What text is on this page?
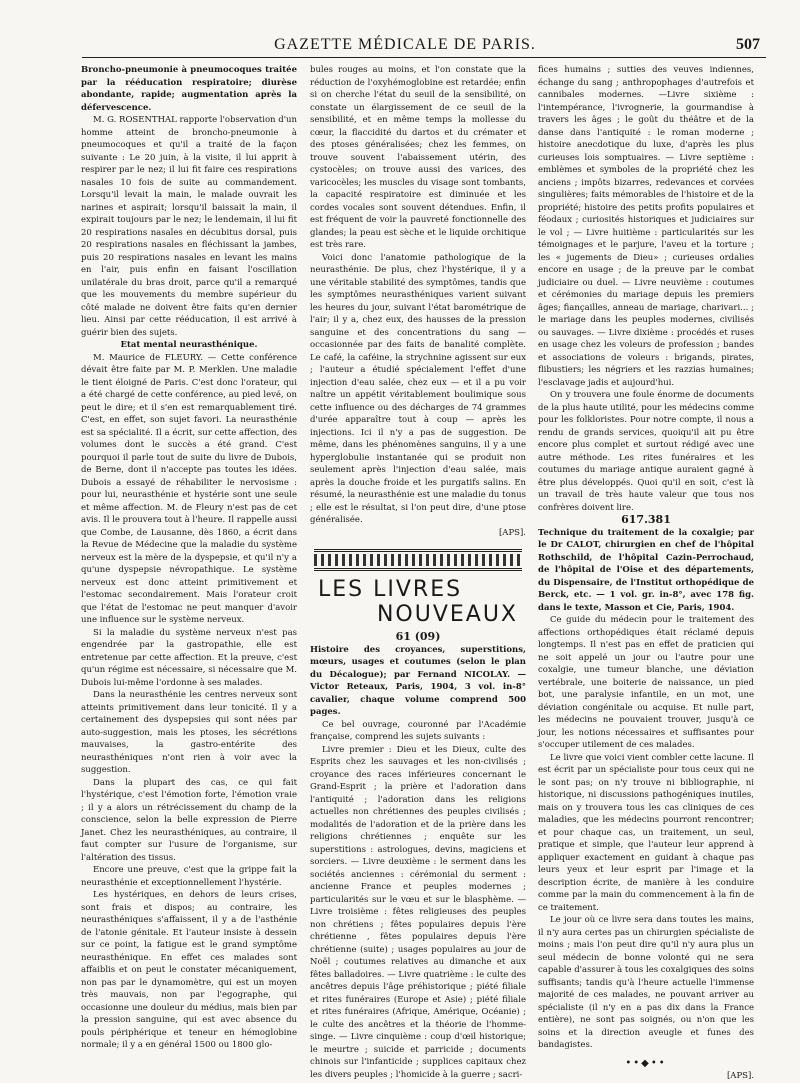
GAZETTE MÉDICALE DE PARIS.	507

Broncho-pneumonie à pneumocoques traitée par la rééducation respiratoire; diurèse abondante, rapide; augmentation après la défervescence.

M. G. ROSENTHAL rapporte l'observation d'un homme atteint de broncho-pneumonie à pneumocoques et qu'il a traité de la façon suivante : Le 20 juin, à la visite, il lui apprit à respirer par le nez; il lui fit faire ces respirations nasales 10 fois de suite au commandement. Lorsqu'il levait la main, le malade ouvrait les narines et aspirait; lorsqu'il baissait la main, il expirait toujours par le nez; le lendemain, il lui fit 20 respirations nasales en décubitus dorsal, puis 20 respirations nasales en fléchissant la jambes, puis 20 respirations nasales en levant les mains en l'air, puis enfin en faisant l'oscillation unilatérale du bras droit, parce qu'il a remarqué que les mouvements du membre supérieur du côté malade ne doivent être faits qu'en dernier lieu. Ainsi par cette rééducation, il est arrivé à guérir bien des sujets.

Etat mental neurasthénique.

M. Maurice de FLEURY. — Cette conférence dévait être faite par M. P. Merklen. Une maladie le tient éloigné de Paris. C'est donc l'orateur, qui a été chargé de cette conférence, au pied levé, on peut le dire; et il s'en est remarquablement tiré. C'est, en effet, son sujet favori. La neurasthénie est sa spécialité. Il a écrit, sur cette affection, des volumes dont le succès a été grand. C'est pourquoi il parle tout de suite du livre de Dubois, de Berne, dont il n'accepte pas toutes les idées. Dubois a essayé de réhabiliter le nervosisme : pour lui, neurasthénie et hystérie sont une seule et même affection. M. de Fleury n'est pas de cet avis. Il le prouvera tout à l'heure. Il rappelle aussi que Combe, de Lausanne, dès 1860, a écrit dans la Revue de Médecine que la maladie du système nerveux est la mère de la dyspepsie, et qu'il n'y a qu'une dyspepsie névropathique. Le système nerveux est donc atteint primitivement et l'estomac secondairement. Mais l'orateur croit que l'état de l'estomac ne peut manquer d'avoir une influence sur le système nerveux.

Si la maladie du système nerveux n'est pas engendrée par la gastropathie, elle est entretenue par cette affection. Et la preuve, c'est qu'un régime est nécessaire, si nécessaire que M. Dubois lui-même l'ordonne à ses malades.

Dans la neurasthénie les centres nerveux sont atteints primitivement dans leur tonicité. Il y a certainement des dyspepsies qui sont nées par auto-suggestion, mais les ptoses, les sécrétions mauvaises, la gastro-entérite des neurasthéniques n'ont rien à voir avec la suggestion.

Dans la plupart des cas, ce qui fait l'hystérique, c'est l'émotion forte, l'émotion vraie ; il y a alors un rétrécissement du champ de la conscience, selon la belle expression de Pierre Janet. Chez les neurasthéniques, au contraire, il faut compter sur l'usure de l'organisme, sur l'altération des tissus.

Encore une preuve, c'est que la grippe fait la neurasthénie et exceptionnellement l'hystérie.

Les hystériques, en dehors de leurs crises, sont frais et dispos; au contraire, les neurasthéniques s'affaissent, il y a de l'asthénie de l'atonie génitale. Et l'auteur insiste à dessein sur ce point, la fatigue est le grand symptôme neurasthénique. En effet ces malades sont affaiblis et on peut le constater mécaniquement, non pas par le dynamomètre, qui est un moyen très mauvais, non par l'egographe, qui occasionne une douleur du médius, mais bien par la pression sanguine, qui est avec absence du pouls périphérique et teneur en hémoglobine normale; il y a en général 1500 ou 1800 glo-

bules rouges au moins, et l'on constate que la réduction de l'oxyhémoglobine est retardée; enfin si on cherche l'état du seuil de la sensibilité, on constate un élargissement de ce seuil de la sensibilité, et en même temps la mollesse du cœur, la flaccidité du dartos et du crémater et des ptoses généralisées; chez les femmes, on trouve souvent l'abaissement utérin, des cystocèles; on trouve aussi des varices, des varicocèles; les muscles du visage sont tombants, la capacité respiratoire est diminuée et les cordes vocales sont souvent détendues. Enfin, il est fréquent de voir la pauvreté fonctionnelle des glandes; la peau est sèche et le liquide orchitique est très rare.

Voici donc l'anatomie pathologique de la neurasthénie. De plus, chez l'hystérique, il y a une véritable stabilité des symptômes, tandis que les symptômes neurasthéniques varient suivant les heures du jour, suivant l'état barométrique de l'air; il y a, chez eux, des hausses de la pression sanguine et des concentrations du sang — occasionnée par des faits de banalité complète. Le café, la caféine, la strychnine agissent sur eux ; l'auteur a étudié spécialement l'effet d'une injection d'eau salée, chez eux — et il a pu voir naître un appétit véritablement boulimique sous cette influence ou des décharges de 74 grammes d'urée apparaître tout à coup — après les injections. Ici il n'y a pas de suggestion. De même, dans les phénomènes sanguins, il y a une hyperglobulie instantanée qui se produit non seulement après l'injection d'eau salée, mais après la douche froide et les purgatifs salins. En résumé, la neurasthénie est une maladie du tonus ; elle est le résultat, si l'on peut dire, d'une ptose généralisée.

[APS].

LES LIVRES
NOUVEAUX

61 (09)

Histoire des croyances, superstitions, mœurs, usages et coutumes (selon le plan du Décalogue); par Fernand NICOLAY. — Victor Reteaux, Paris, 1904, 3 vol. in-8° cavalier, chaque volume comprend 500 pages.

Ce bel ouvrage, couronné par l'Académie française, comprend les sujets suivants :

Livre premier : Dieu et les Dieux, culte des Esprits chez les sauvages et les non-civilisés ; croyance des races inférieures concernant le Grand-Esprit ; la prière et l'adoration dans l'antiquité ; l'adoration dans les religions actuelles non chrétiennes des peuples civilisés ; modalités de l'adoration et de la prière dans les religions chrétiennes ; enquête sur les superstitions : astrologues, devins, magiciens et sorciers. — Livre deuxième : le serment dans les sociétés anciennes : cérémonial du serment : ancienne France et peuples modernes ; particularités sur le vœu et sur le blasphème. — Livre troisième : fêtes religieuses des peuples non chrétiens ; fêtes populaires depuis l'ère chrétienne , fêtes populaires depuis l'ère chrétienne (suite) ; usages populaires au jour de Noël ; coutumes relatives au dimanche et aux fêtes balladoires. — Livre quatrième : le culte des ancêtres depuis l'âge préhistorique ; piété filiale et rites funéraires (Europe et Asie) ; piété filiale et rites funéraires (Afrique, Amérique, Océanie) ; le culte des ancêtres et la théorie de l'homme-singe. — Livre cinquième : coup d'œil historique; le meurtre ; suicide et parricide ; documents chinois sur l'infanticide ; supplices capitaux chez les divers peuples ; l'homicide à la guerre ; sacri-

fices humains ; sutties des veuves indiennes, échange du sang ; anthropophages d'autrefois et cannibales modernes. —Livre sixième : l'intempérance, l'ivrognerie, la gourmandise à travers les âges ; le goût du théâtre et de la danse dans l'antiquité : le roman moderne ; histoire anecdotique du luxe, d'après les plus curieuses lois somptuaires. — Livre septième : emblèmes et symboles de la propriété chez les anciens ; impôts bizarres, redevances et corvées singulières; faits mémorables de l'histoire et de la propriété; histoire des petits profits populaires et féodaux ; curiosités historiques et judiciaires sur le vol ; — Livre huitième : particularités sur les témoignages et le parjure, l'aveu et la torture ; les « jugements de Dieu» ; curieuses ordalies encore en usage ; de la preuve par le combat judiciaire ou duel. — Livre neuvième : coutumes et cérémonies du mariage depuis les premiers âges; fiançailles, anneau de mariage, charivari... ; le mariage dans les peuples modernes, civilisés ou sauvages. — Livre dixième : procédés et ruses en usage chez les voleurs de profession ; bandes et associations de voleurs : brigands, pirates, flibustiers; les négriers et les razzias humaines; l'esclavage jadis et aujourd'hui.

On y trouvera une foule énorme de documents de la plus haute utilité, pour les médecins comme pour les folkloristes. Pour notre compte, il nous a rendu de grands services, quoiqu'il ait pu être encore plus complet et surtout rédigé avec une autre méthode. Les rites funéraires et les coutumes du mariage antique auraient gagné à être plus développés. Quoi qu'il en soit, c'est là un travail de très haute valeur que tous nos confrères doivent lire.

617.381

Technique du traitement de la coxalgie; par le Dr CALOT, chirurgien en chef de l'hôpital Rothschild, de l'hôpital Cazin-Perrochaud, de l'hôpital de l'Oise et des départements, du Dispensaire, de l'Institut orthopédique de Berck, etc. — 1 vol. gr. in-8°, avec 178 fig. dans le texte, Masson et Cie, Paris, 1904.

Ce guide du médecin pour le traitement des affections orthopédiques était réclamé depuis longtemps. Il n'est pas en effet de praticien qui ne soit appelé un jour ou l'autre pour une coxalgie, une tumeur blanche, une déviation vertébrale, une boiterie de naissance, un pied bot, une paralysie infantile, en un mot, une déviation congénitale ou acquise. Et nulle part, les médecins ne pouvaient trouver, jusqu'à ce jour, les notions nécessaires et suffisantes pour s'occuper utilement de ces malades.

Le livre que voici vient combler cette lacune. Il est écrit par un spécialiste pour tous ceux qui ne le sont pas; on n'y trouve ni bibliographie, ni historique, ni discussions pathogéniques inutiles, mais on y trouvera tous les cas cliniques de ces maladies, que les médecins pourront rencontrer; et pour chaque cas, un traitement, un seul, pratique et simple, que l'auteur leur apprend à appliquer exactement en guidant à chaque pas leurs yeux et leur esprit par l'image et la description écrite, de manière à les conduire comme par la main du commencement à la fin de ce traitement.

Le jour où ce livre sera dans toutes les mains, il n'y aura certes pas un chirurgien spécialiste de moins ; mais l'on peut dire qu'il n'y aura plus un seul médecin de bonne volonté qui ne sera capable d'assurer à tous les coxalgiques des soins suffisants; tandis qu'à l'heure actuelle l'immense majorité de ces malades, ne pouvant arriver au spécialiste (il n'y en a pas dix dans la France entière), ne sont pas soignés, ou n'on que les soins et la direction aveugle et funes des bandagistes.

••◆••

[APS].
